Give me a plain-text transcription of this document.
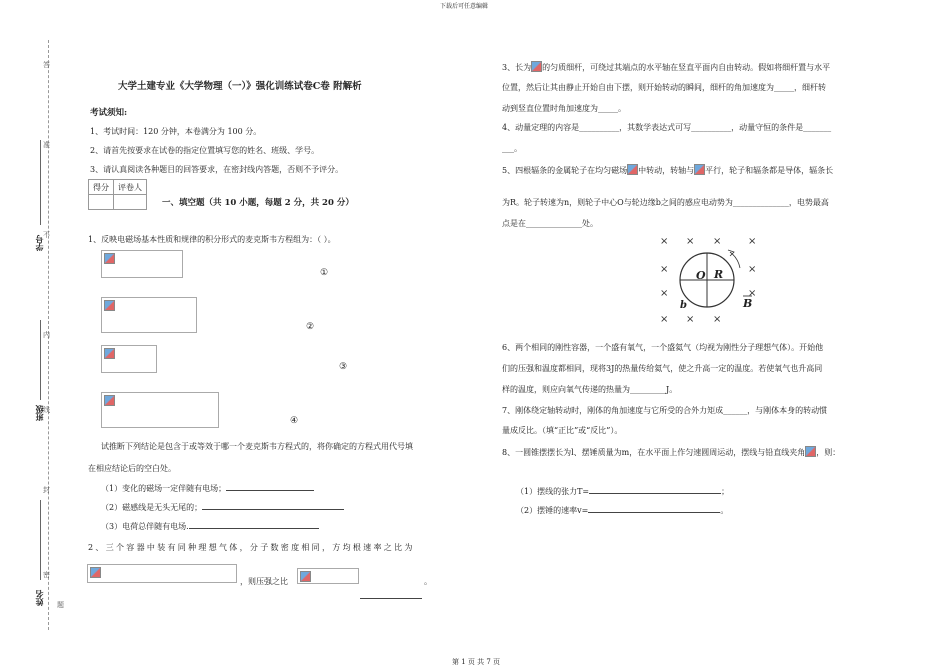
下载后可任意编辑
第 1 页 共 7 页
答
准
不
内
线
封
密
题
学号
班级
姓名
大学土建专业《大学物理（一）》强化训练试卷C卷 附解析
考试须知:
1、考试时间：120 分钟，本卷满分为 100 分。
2、请首先按要求在试卷的指定位置填写您的姓名、班级、学号。
3、请认真阅读各种题目的回答要求，在密封线内答题，否则不予评分。
得分	评卷人

一、填空题（共 10 小题，每题 2 分，共 20 分）
1、反映电磁场基本性质和规律的积分形式的麦克斯韦方程组为：（ ）。
①
②
③
④
试推断下列结论是包含于或等效于哪一个麦克斯韦方程式的，将你确定的方程式用代号填
在相应结论后的空白处。
（1）变化的磁场一定伴随有电场；
（2）磁感线是无头无尾的；
（3）电荷总伴随有电场.
2、三个容器中装有同种理想气体，分子数密度相同，方均根速率之比为
，则压强之比	。
3、长为 的匀质细杆，可绕过其端点的水平轴在竖直平面内自由转动。假如将细杆置与水平
位置，然后让其由静止开始自由下摆，则开始转动的瞬间，细杆的角加速度为_____，细杆转
动到竖直位置时角加速度为_____。
4、动量定理的内容是__________，其数学表达式可写__________，动量守恒的条件是_______
___。
5、四根辐条的金属轮子在均匀磁场 中转动，转轴与 平行，轮子和辐条都是导体，辐条长
为R。轮子转速为n，则轮子中心O与轮边缘b之间的感应电动势为______________，电势最高
点是在______________处。
× × ×	×
×	×
×	×
× × ×
O R
b	B
6、两个相同的刚性容器，一个盛有氧气，一个盛氦气（均视为刚性分子理想气体）。开始他
们的压强和温度都相同，现将3J的热量传给氦气，使之升高一定的温度。若使氧气也升高同
样的温度，则应向氧气传递的热量为_________J。
7、刚体绕定轴转动时，刚体的角加速度与它所受的合外力矩成______，与刚体本身的转动惯
量成反比。（填“正比”或“反比”）。
8、一圆锥摆摆长为l、摆锤质量为m，在水平面上作匀速圆周运动，摆线与铅直线夹角 ，则：
（1）摆线的张力T=	；
（2）摆锤的速率v=	。
